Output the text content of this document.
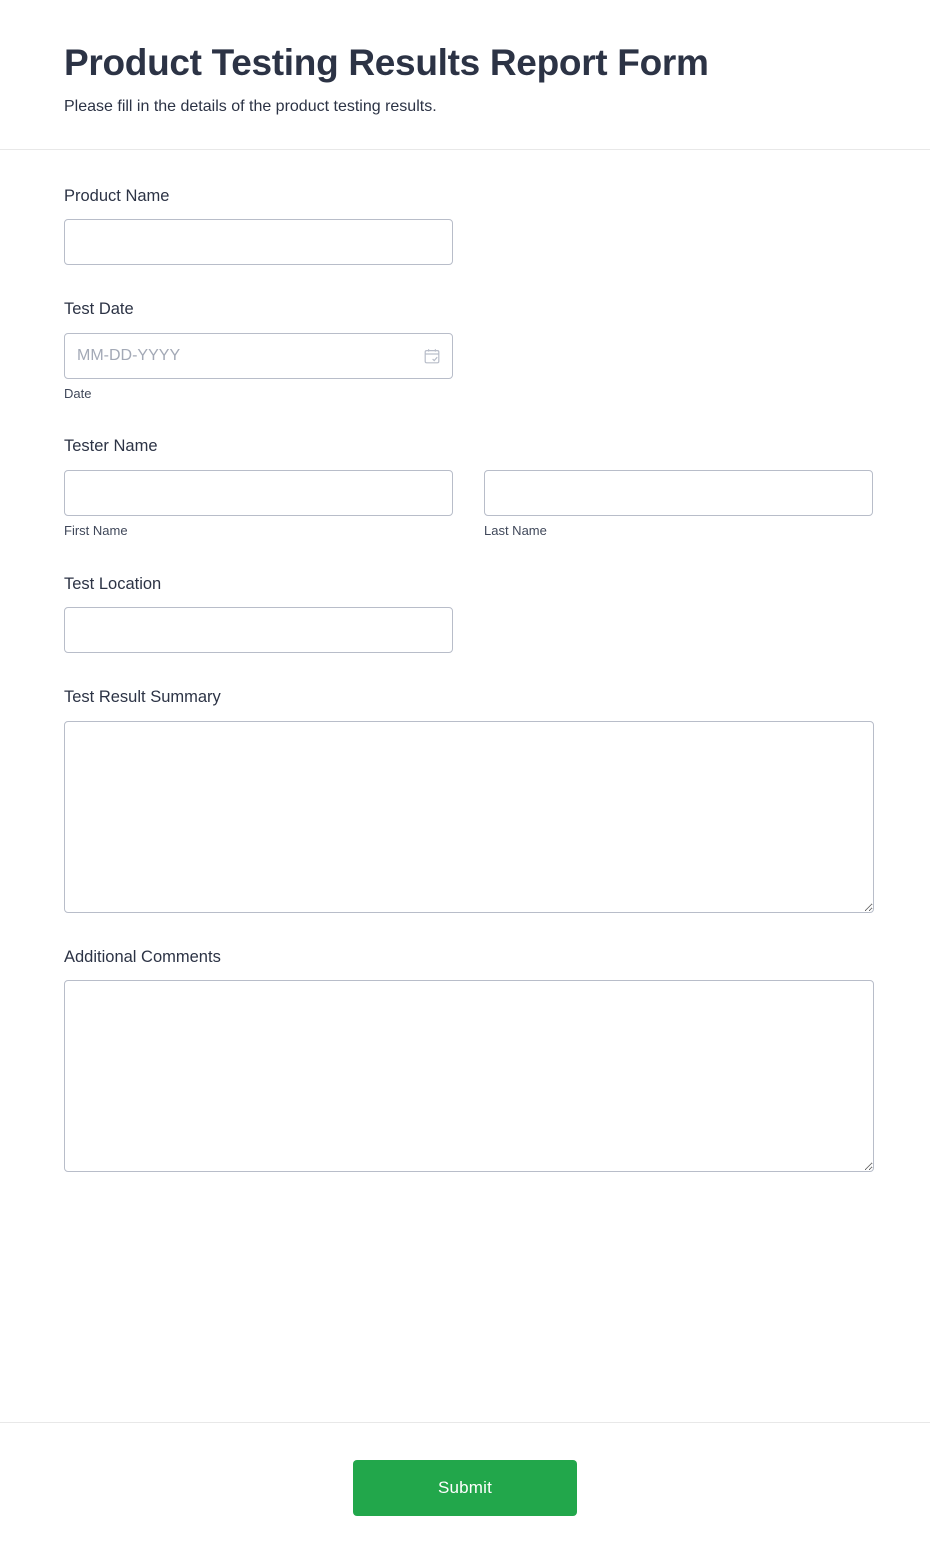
Product Testing Results Report Form

Please fill in the details of the product testing results.

Product Name
Test Date
MM-DD-YYYY
Date
Tester Name
First Name	Last Name
Test Location
Test Result Summary
Additional Comments
Submit
